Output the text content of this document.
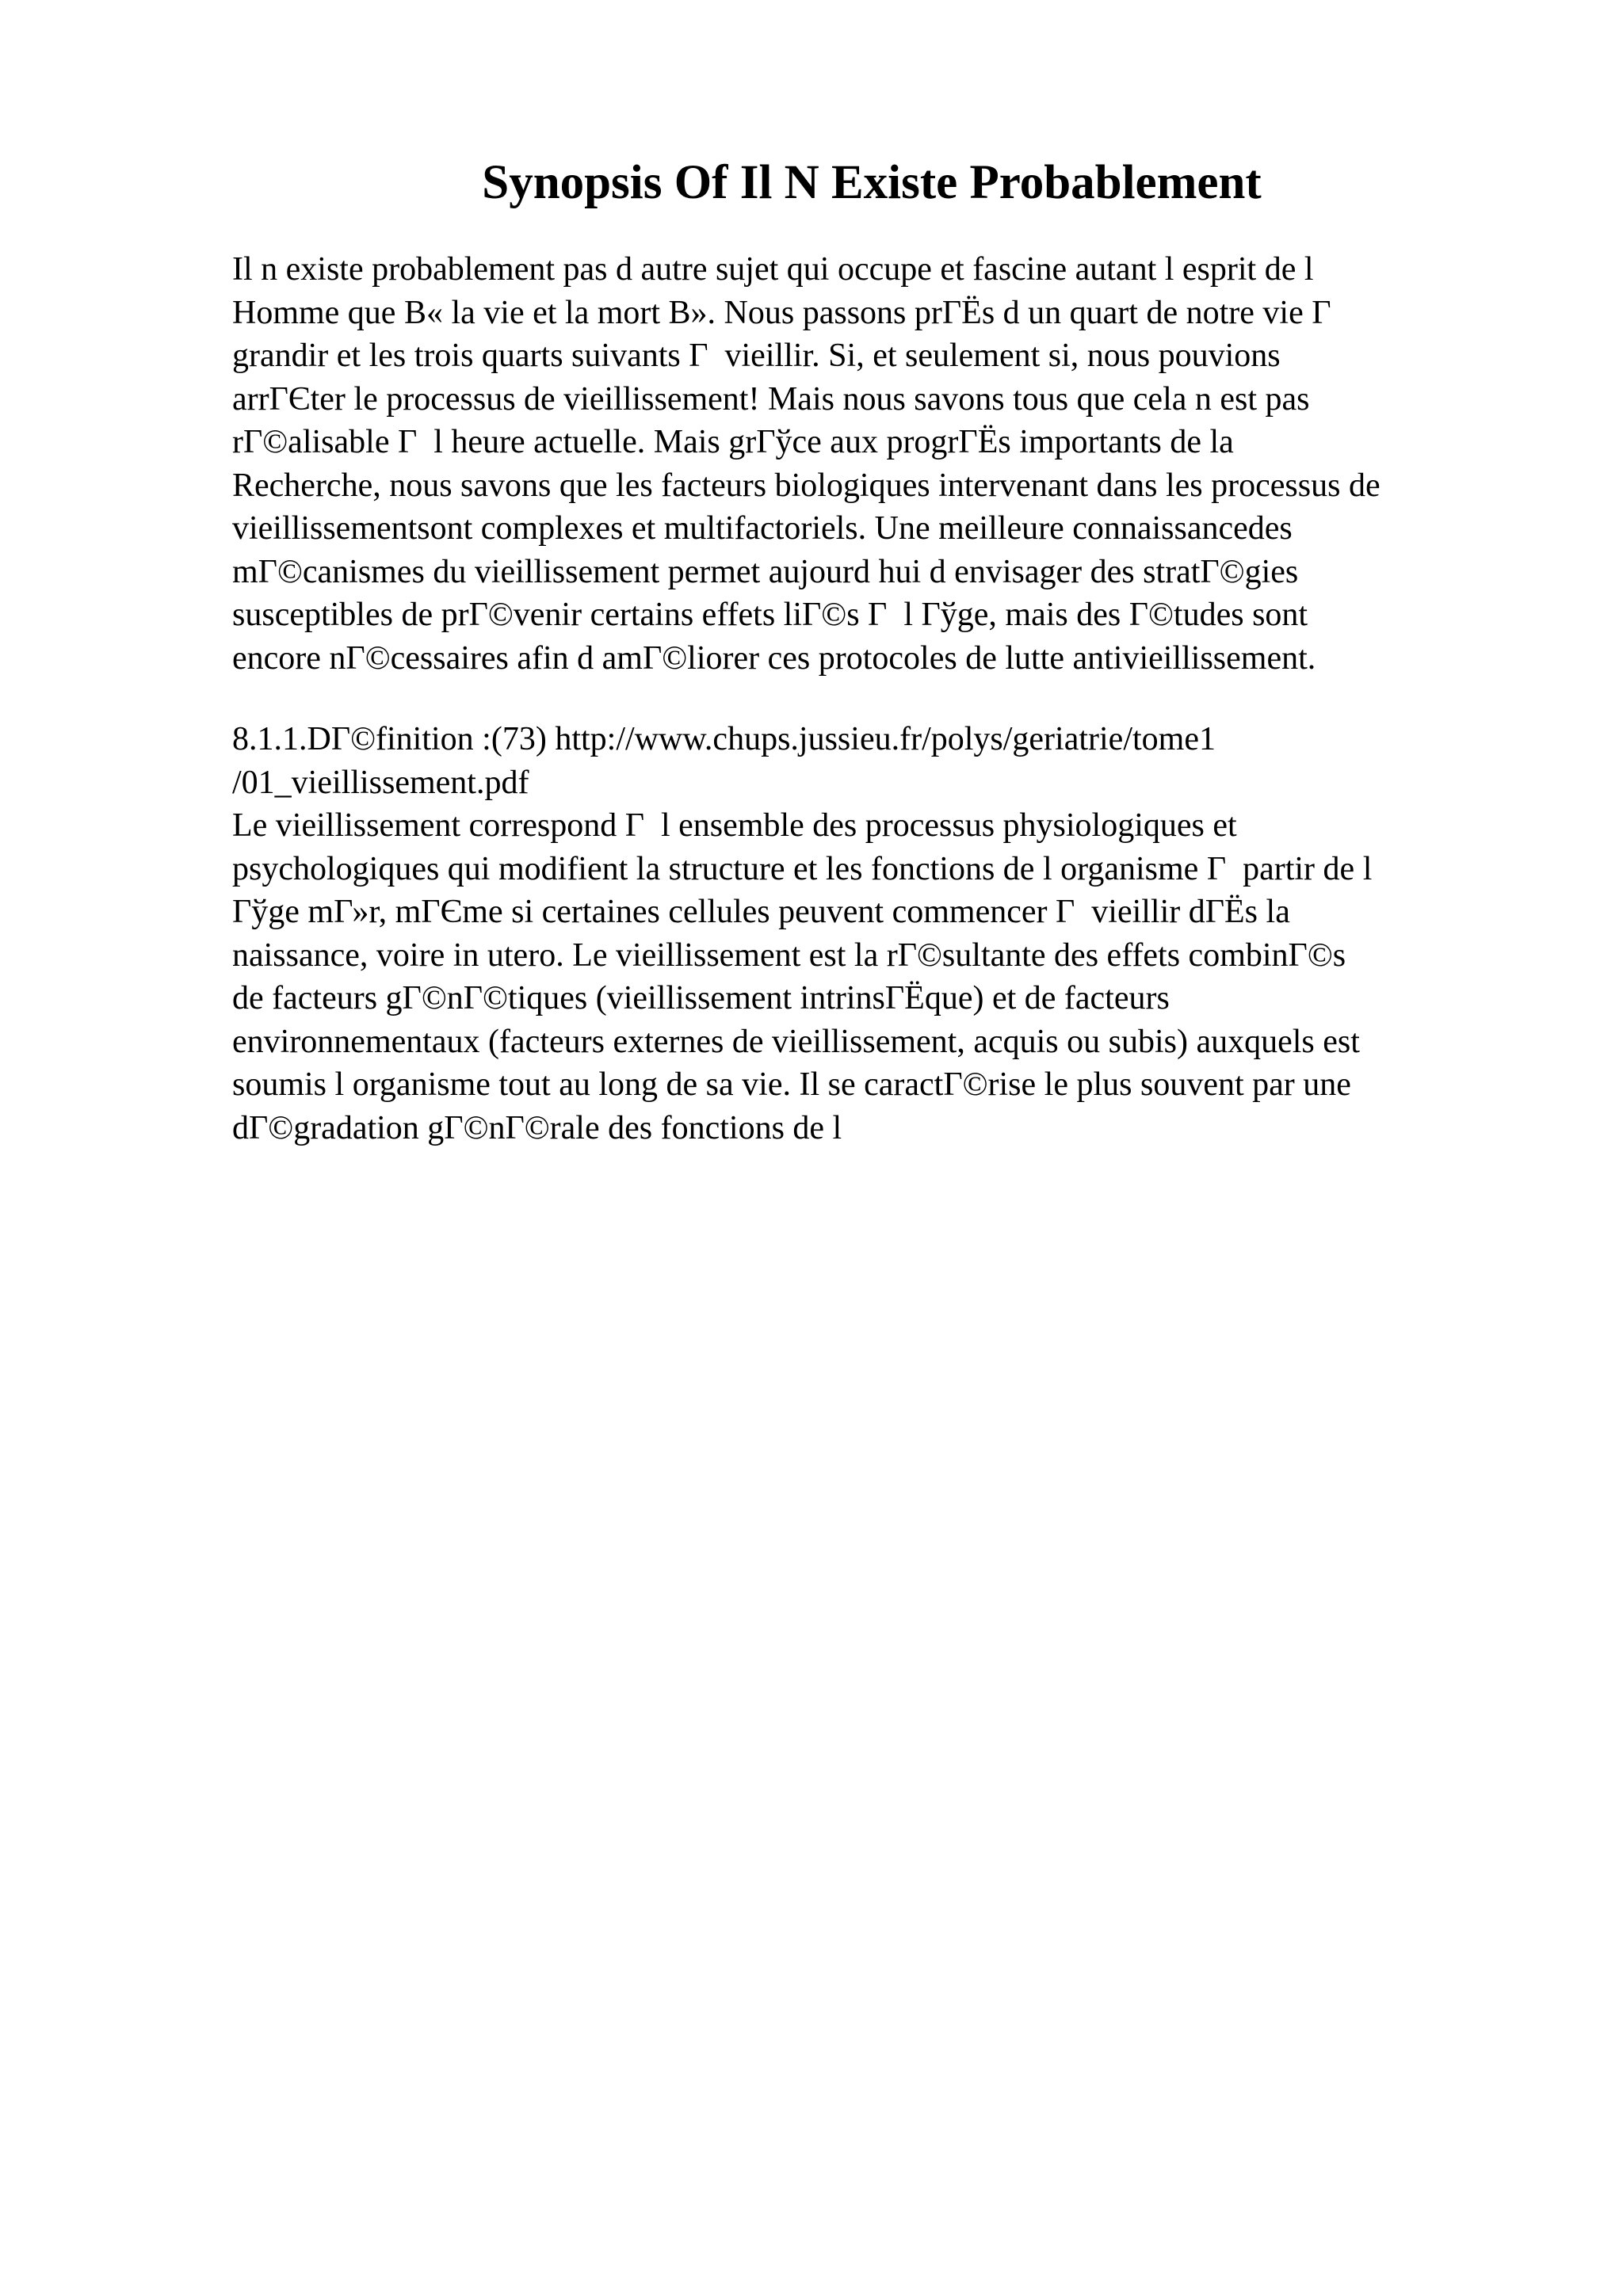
Synopsis Of Il N Existe Probablement
Il n existe probablement pas d autre sujet qui occupe et fascine autant l esprit de l
Homme que В« la vie et la mort В». Nous passons prГЁs d un quart de notre vie Г
grandir et les trois quarts suivants Г  vieillir. Si, et seulement si, nous pouvions
arrГЄter le processus de vieillissement! Mais nous savons tous que cela n est pas
rГ©alisable Г  l heure actuelle. Mais grГўce aux progrГЁs importants de la
Recherche, nous savons que les facteurs biologiques intervenant dans les processus de
vieillissementsont complexes et multifactoriels. Une meilleure connaissancedes
mГ©canismes du vieillissement permet aujourd hui d envisager des stratГ©gies
susceptibles de prГ©venir certains effets liГ©s Г  l Гўge, mais des Г©tudes sont
encore nГ©cessaires afin d amГ©liorer ces protocoles de lutte antivieillissement.
8.1.1.DГ©finition :(73) http://www.chups.jussieu.fr/polys/geriatrie/tome1
/01_vieillissement.pdf
Le vieillissement correspond Г  l ensemble des processus physiologiques et
psychologiques qui modifient la structure et les fonctions de l organisme Г  partir de l
Гўge mГ»r, mГЄme si certaines cellules peuvent commencer Г  vieillir dГЁs la
naissance, voire in utero. Le vieillissement est la rГ©sultante des effets combinГ©s
de facteurs gГ©nГ©tiques (vieillissement intrinsГЁque) et de facteurs
environnementaux (facteurs externes de vieillissement, acquis ou subis) auxquels est
soumis l organisme tout au long de sa vie. Il se caractГ©rise le plus souvent par une
dГ©gradation gГ©nГ©rale des fonctions de l
